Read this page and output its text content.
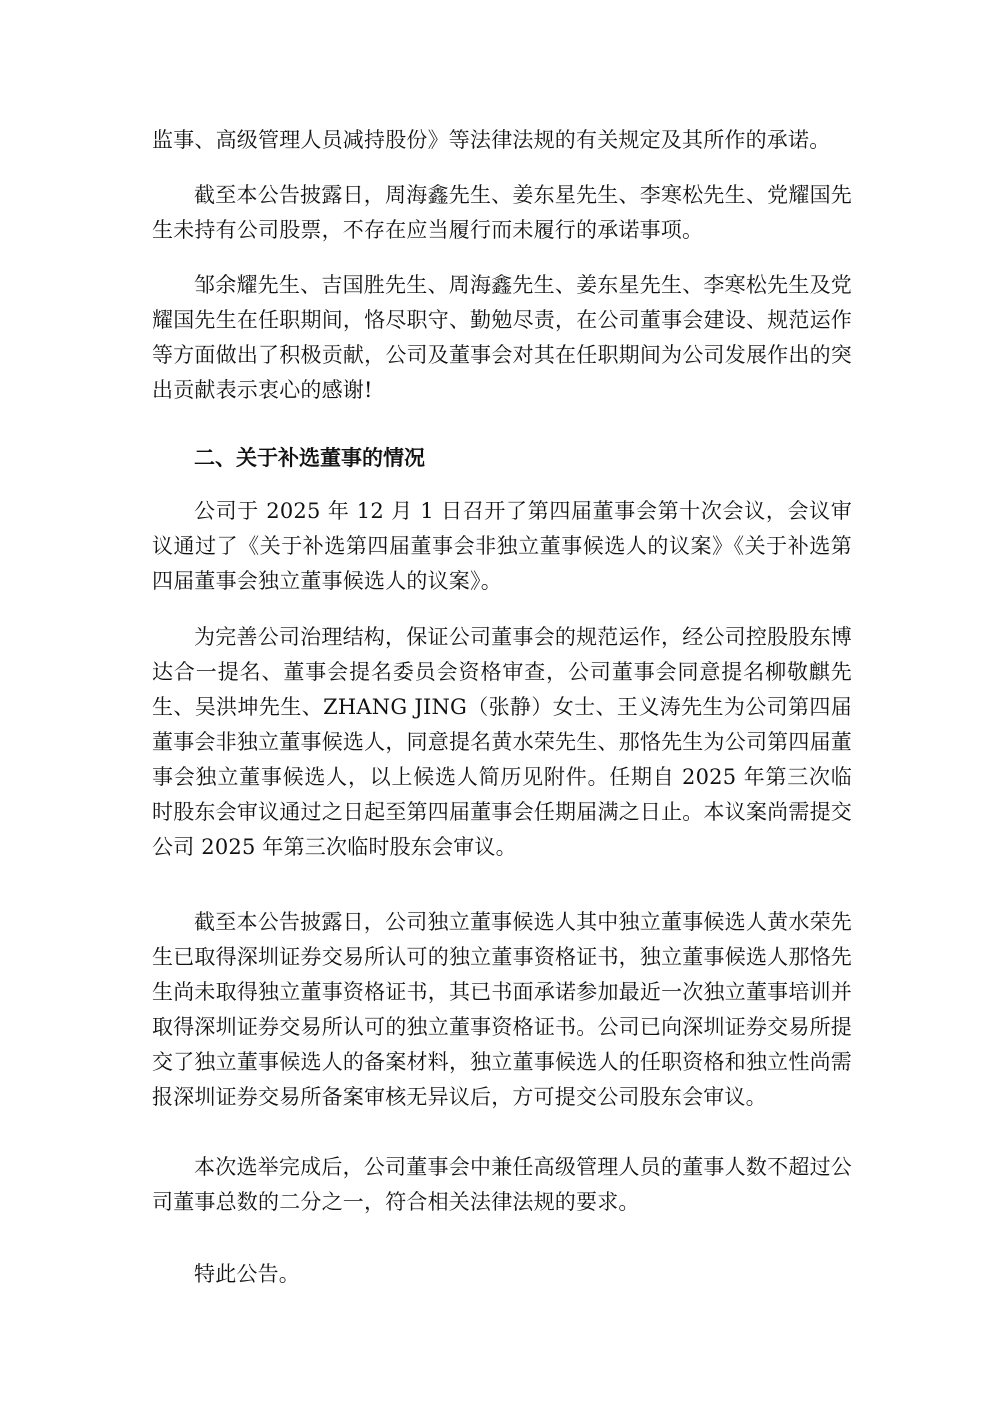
监事、高级管理人员减持股份》等法律法规的有关规定及其所作的承诺。

截至本公告披露日，周海鑫先生、姜东星先生、李寒松先生、党耀国先生未持有公司股票，不存在应当履行而未履行的承诺事项。

邹余耀先生、吉国胜先生、周海鑫先生、姜东星先生、李寒松先生及党耀国先生在任职期间，恪尽职守、勤勉尽责，在公司董事会建设、规范运作等方面做出了积极贡献，公司及董事会对其在任职期间为公司发展作出的突出贡献表示衷心的感谢!

二、关于补选董事的情况

公司于 2025 年 12 月 1 日召开了第四届董事会第十次会议，会议审议通过了《关于补选第四届董事会非独立董事候选人的议案》《关于补选第四届董事会独立董事候选人的议案》。

为完善公司治理结构，保证公司董事会的规范运作，经公司控股股东博达合一提名、董事会提名委员会资格审查，公司董事会同意提名柳敬麒先生、吴洪坤先生、ZHANG JING（张静）女士、王义涛先生为公司第四届董事会非独立董事候选人，同意提名黄水荣先生、那恪先生为公司第四届董事会独立董事候选人，以上候选人简历见附件。任期自 2025 年第三次临时股东会审议通过之日起至第四届董事会任期届满之日止。本议案尚需提交公司 2025 年第三次临时股东会审议。

截至本公告披露日，公司独立董事候选人其中独立董事候选人黄水荣先生已取得深圳证券交易所认可的独立董事资格证书，独立董事候选人那恪先生尚未取得独立董事资格证书，其已书面承诺参加最近一次独立董事培训并取得深圳证券交易所认可的独立董事资格证书。公司已向深圳证券交易所提交了独立董事候选人的备案材料，独立董事候选人的任职资格和独立性尚需报深圳证券交易所备案审核无异议后，方可提交公司股东会审议。

本次选举完成后，公司董事会中兼任高级管理人员的董事人数不超过公司董事总数的二分之一，符合相关法律法规的要求。

特此公告。
